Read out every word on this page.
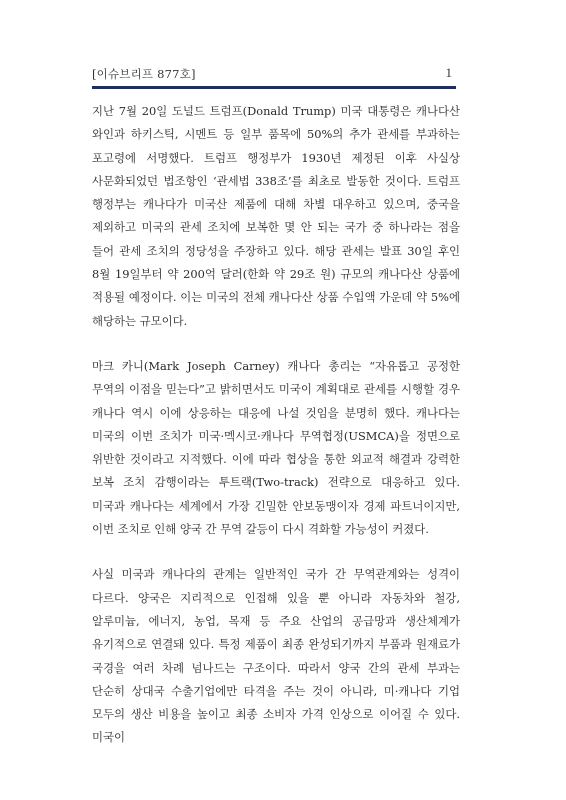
[이슈브리프 877호]	1

지난 7월 20일 도널드 트럼프(Donald Trump) 미국 대통령은 캐나다산 와인과 하키스틱, 시멘트 등 일부 품목에 50%의 추가 관세를 부과하는 포고령에 서명했다. 트럼프 행정부가 1930년 제정된 이후 사실상 사문화되었던 법조항인 ‘관세법 338조’를 최초로 발동한 것이다. 트럼프 행정부는 캐나다가 미국산 제품에 대해 차별 대우하고 있으며, 중국을 제외하고 미국의 관세 조치에 보복한 몇 안 되는 국가 중 하나라는 점을 들어 관세 조치의 정당성을 주장하고 있다. 해당 관세는 발표 30일 후인 8월 19일부터 약 200억 달러(한화 약 29조 원) 규모의 캐나다산 상품에 적용될 예정이다. 이는 미국의 전체 캐나다산 상품 수입액 가운데 약 5%에 해당하는 규모이다.

마크 카니(Mark Joseph Carney) 캐나다 총리는 “자유롭고 공정한 무역의 이점을 믿는다”고 밝히면서도 미국이 계획대로 관세를 시행할 경우 캐나다 역시 이에 상응하는 대응에 나설 것임을 분명히 했다. 캐나다는 미국의 이번 조치가 미국·멕시코·캐나다 무역협정(USMCA)을 정면으로 위반한 것이라고 지적했다. 이에 따라 협상을 통한 외교적 해결과 강력한 보복 조치 감행이라는 투트랙(Two-track) 전략으로 대응하고 있다. 미국과 캐나다는 세계에서 가장 긴밀한 안보동맹이자 경제 파트너이지만, 이번 조치로 인해 양국 간 무역 갈등이 다시 격화할 가능성이 커졌다.

사실 미국과 캐나다의 관계는 일반적인 국가 간 무역관계와는 성격이 다르다. 양국은 지리적으로 인접해 있을 뿐 아니라 자동차와 철강, 알루미늄, 에너지, 농업, 목재 등 주요 산업의 공급망과 생산체계가 유기적으로 연결돼 있다. 특정 제품이 최종 완성되기까지 부품과 원재료가 국경을 여러 차례 넘나드는 구조이다. 따라서 양국 간의 관세 부과는 단순히 상대국 수출기업에만 타격을 주는 것이 아니라, 미·캐나다 기업 모두의 생산 비용을 높이고 최종 소비자 가격 인상으로 이어질 수 있다. 미국이
